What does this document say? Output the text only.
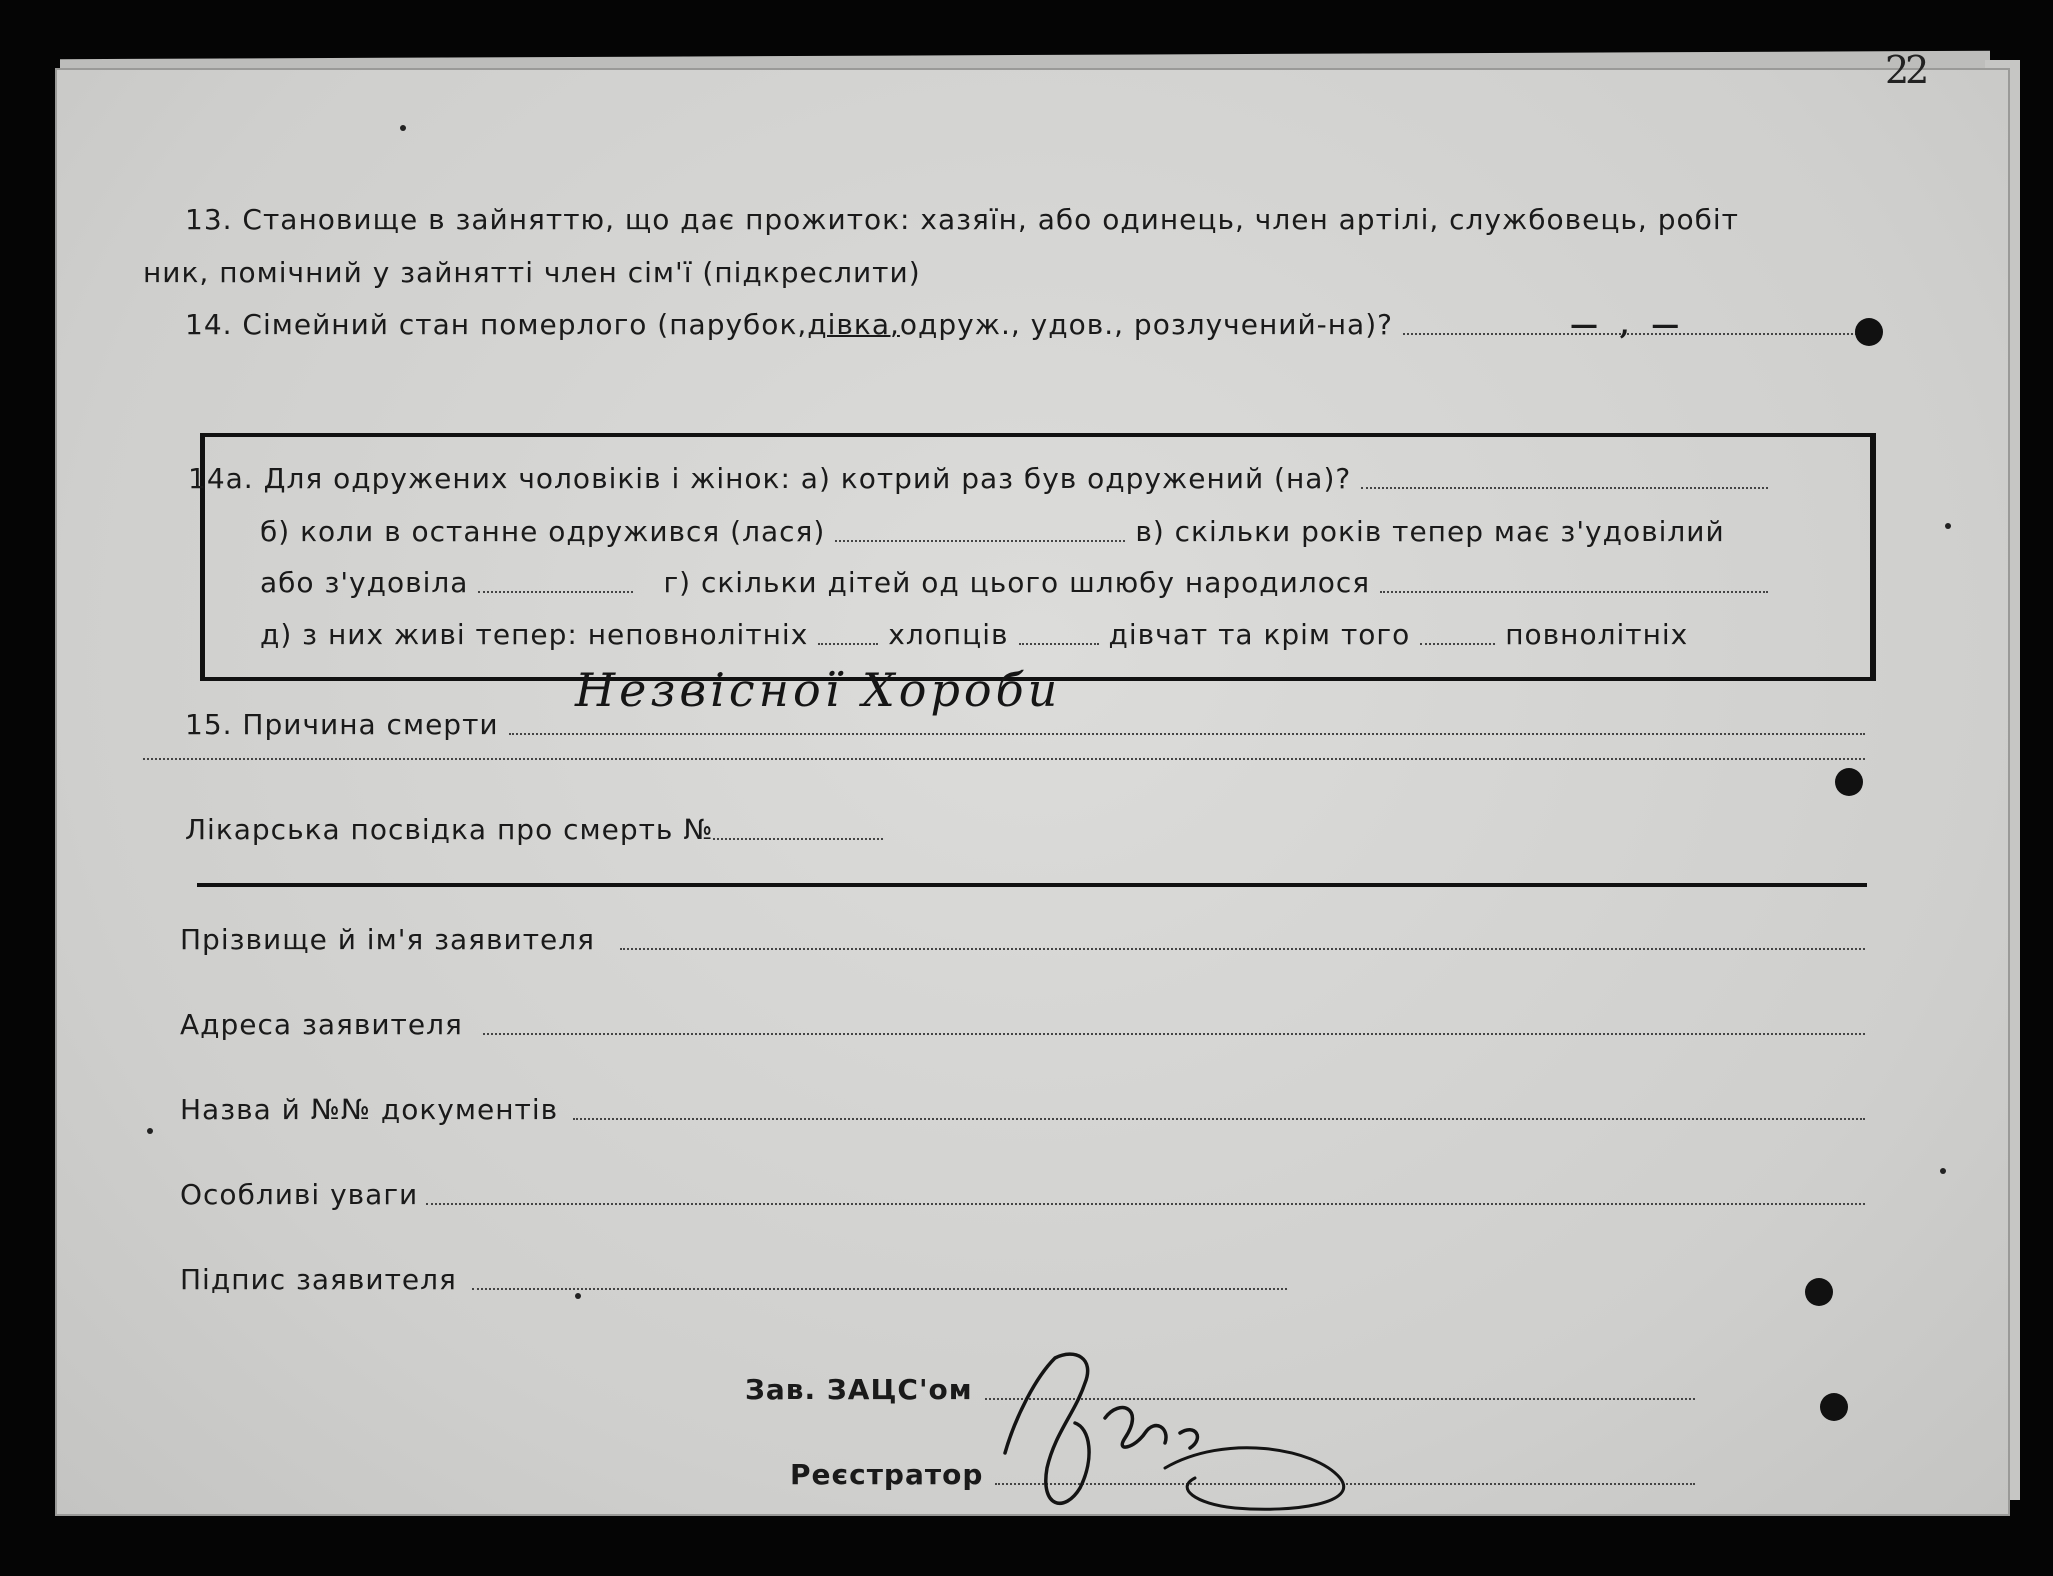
13. Становище в зайняттю, що дає прожиток: хазяїн, або одинець, член артілі, службовець, робіт
ник, помічний у зайнятті член сім'ї (підкреслити)
14. Сімейний стан померлого (парубок, дівка, одруж., удов., розлучений-на)?	— , —
14а. Для одружених чоловіків і жінок: а) котрий раз був одружений (на)?
б) коли в останне одружився (лася)	в) скільки років тепер має з'удовілий
або з'удовіла	г) скільки дітей од цього шлюбу народилося
д) з них живі тепер: неповнолітніх	хлопців	дівчат та крім того	повнолітніх
15. Причина смерти
Незвісної Хороби
Лікарська посвідка про смерть №
Прізвище й ім'я заявителя
Адреса заявителя
Назва й №№ документів
Особливі уваги
Підпис заявителя
Зав. ЗАЦС'ом
Реєстратор
22
